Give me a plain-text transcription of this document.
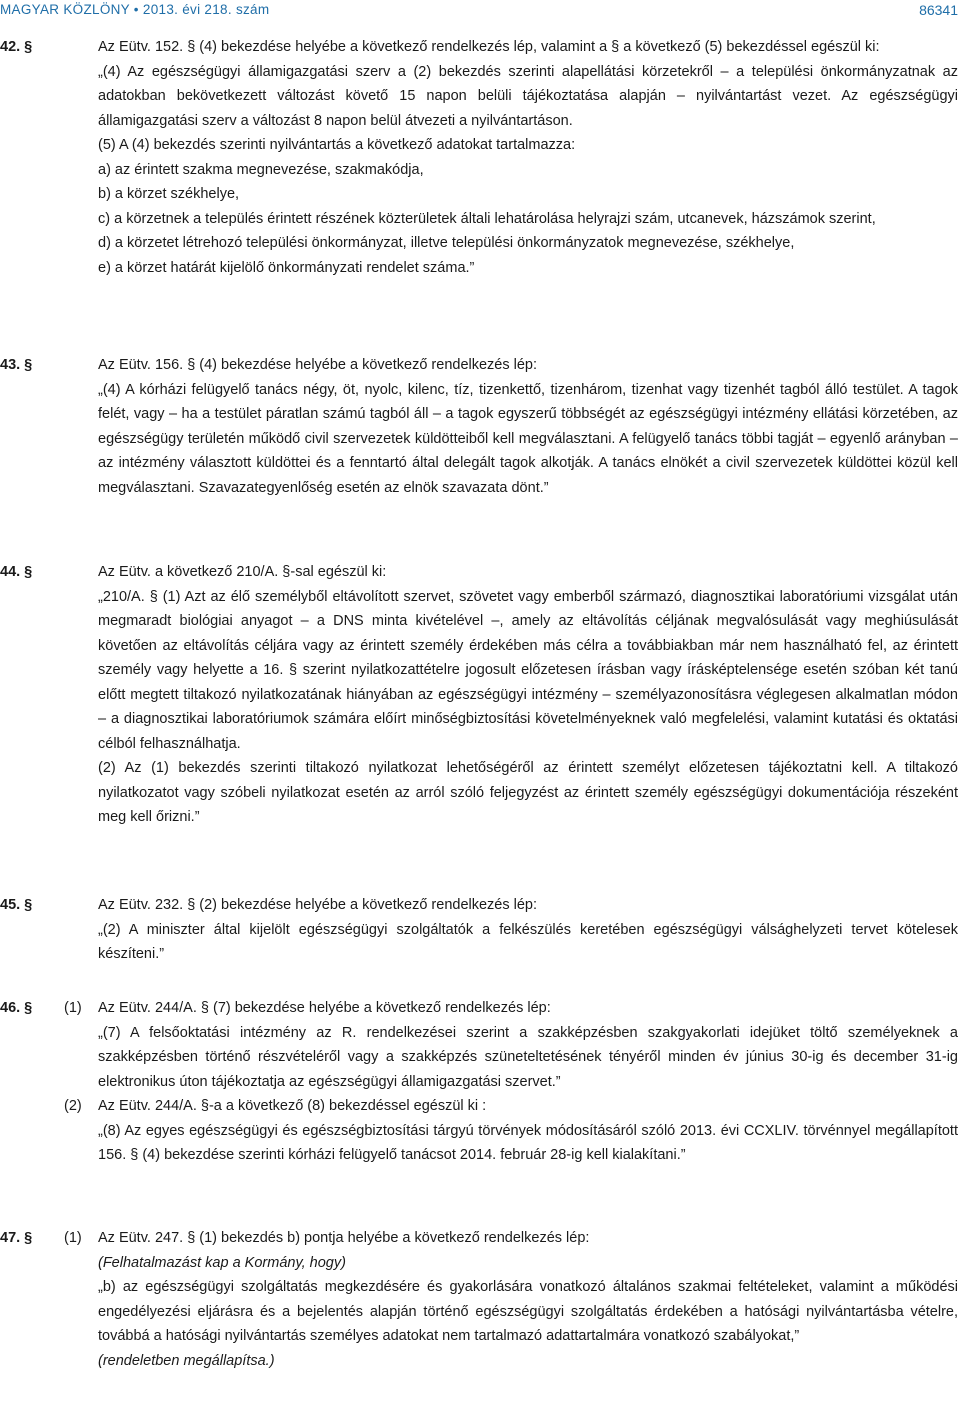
MAGYAR KÖZLÖNY • 2013. évi 218. szám	86341
42. §	Az Eütv. 152. § (4) bekezdése helyébe a következő rendelkezés lép, valamint a § a következő (5) bekezdéssel egészül ki:

„(4) Az egészségügyi államigazgatási szerv a (2) bekezdés szerinti alapellátási körzetekről – a települési önkormányzatnak az adatokban bekövetkezett változást követő 15 napon belüli tájékoztatása alapján – nyilvántartást vezet. Az egészségügyi államigazgatási szerv a változást 8 napon belül átvezeti a nyilvántartáson.

(5) A (4) bekezdés szerinti nyilvántartás a következő adatokat tartalmazza:

a) az érintett szakma megnevezése, szakmakódja,

b) a körzet székhelye,

c) a körzetnek a település érintett részének közterületek általi lehatárolása helyrajzi szám, utcanevek, házszámok szerint,

d) a körzetet létrehozó települési önkormányzat, illetve települési önkormányzatok megnevezése, székhelye,

e) a körzet határát kijelölő önkormányzati rendelet száma.”

43. §	Az Eütv. 156. § (4) bekezdése helyébe a következő rendelkezés lép:

„(4) A kórházi felügyelő tanács négy, öt, nyolc, kilenc, tíz, tizenkettő, tizenhárom, tizenhat vagy tizenhét tagból álló testület. A tagok felét, vagy – ha a testület páratlan számú tagból áll – a tagok egyszerű többségét az egészségügyi intézmény ellátási körzetében, az egészségügy területén működő civil szervezetek küldötteiből kell megválasztani. A felügyelő tanács többi tagját – egyenlő arányban – az intézmény választott küldöttei és a fenntartó által delegált tagok alkotják. A tanács elnökét a civil szervezetek küldöttei közül kell megválasztani. Szavazategyenlőség esetén az elnök szavazata dönt.”

44. §	Az Eütv. a következő 210/A. §-sal egészül ki:

„210/A. § (1) Azt az élő személyből eltávolított szervet, szövetet vagy emberből származó, diagnosztikai laboratóriumi vizsgálat után megmaradt biológiai anyagot – a DNS minta kivételével –, amely az eltávolítás céljának megvalósulását vagy meghiúsulását követően az eltávolítás céljára vagy az érintett személy érdekében más célra a továbbiakban már nem használható fel, az érintett személy vagy helyette a 16. § szerint nyilatkozattételre jogosult előzetesen írásban vagy írásképtelensége esetén szóban két tanú előtt megtett tiltakozó nyilatkozatának hiányában az egészségügyi intézmény – személyazonosításra véglegesen alkalmatlan módon – a diagnosztikai laboratóriumok számára előírt minőségbiztosítási követelményeknek való megfelelési, valamint kutatási és oktatási célból felhasználhatja.

(2) Az (1) bekezdés szerinti tiltakozó nyilatkozat lehetőségéről az érintett személyt előzetesen tájékoztatni kell. A tiltakozó nyilatkozatot vagy szóbeli nyilatkozat esetén az arról szóló feljegyzést az érintett személy egészségügyi dokumentációja részeként meg kell őrizni.”

45. §	Az Eütv. 232. § (2) bekezdése helyébe a következő rendelkezés lép:

„(2) A miniszter által kijelölt egészségügyi szolgáltatók a felkészülés keretében egészségügyi válsághelyzeti tervet kötelesek készíteni.”

46. §	(1)	Az Eütv. 244/A. § (7) bekezdése helyébe a következő rendelkezés lép:

„(7) A felsőoktatási intézmény az R. rendelkezései szerint a szakképzésben szakgyakorlati idejüket töltő személyeknek a szakképzésben történő részvételéről vagy a szakképzés szüneteltetésének tényéről minden év június 30-ig és december 31-ig elektronikus úton tájékoztatja az egészségügyi államigazgatási szervet.”

(2)	Az Eütv. 244/A. §-a a következő (8) bekezdéssel egészül ki :

„(8) Az egyes egészségügyi és egészségbiztosítási tárgyú törvények módosításáról szóló 2013. évi CCXLIV. törvénnyel megállapított 156. § (4) bekezdése szerinti kórházi felügyelő tanácsot 2014. február 28-ig kell kialakítani.”

47. §	(1)	Az Eütv. 247. § (1) bekezdés b) pontja helyébe a következő rendelkezés lép:

(Felhatalmazást kap a Kormány, hogy)

„b) az egészségügyi szolgáltatás megkezdésére és gyakorlására vonatkozó általános szakmai feltételeket, valamint a működési engedélyezési eljárásra és a bejelentés alapján történő egészségügyi szolgáltatás érdekében a hatósági nyilvántartásba vételre, továbbá a hatósági nyilvántartás személyes adatokat nem tartalmazó adattartalmára vonatkozó szabályokat,”

(rendeletben megállapítsa.)
